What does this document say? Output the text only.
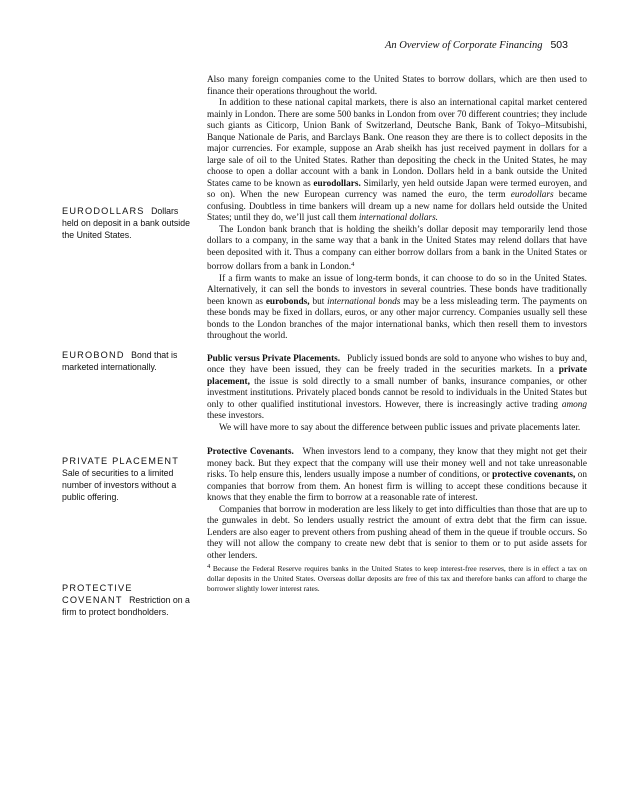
An Overview of Corporate Financing 503
EURODOLLARS Dollars held on deposit in a bank outside the United States.
EUROBOND Bond that is marketed internationally.
PRIVATE PLACEMENT Sale of securities to a limited number of investors without a public offering.
PROTECTIVE COVENANT Restriction on a firm to protect bondholders.

Also many foreign companies come to the United States to borrow dollars, which are then used to finance their operations throughout the world.

In addition to these national capital markets, there is also an international capital market centered mainly in London. There are some 500 banks in London from over 70 different countries; they include such giants as Citicorp, Union Bank of Switzerland, Deutsche Bank, Bank of Tokyo–Mitsubishi, Banque Nationale de Paris, and Barclays Bank. One reason they are there is to collect deposits in the major currencies. For example, suppose an Arab sheikh has just received payment in dollars for a large sale of oil to the United States. Rather than depositing the check in the United States, he may choose to open a dollar account with a bank in London. Dollars held in a bank outside the United States came to be known as eurodollars. Similarly, yen held outside Japan were termed euroyen, and so on). When the new European currency was named the euro, the term eurodollars became confusing. Doubtless in time bankers will dream up a new name for dollars held outside the United States; until they do, we’ll just call them international dollars.

The London bank branch that is holding the sheikh’s dollar deposit may temporarily lend those dollars to a company, in the same way that a bank in the United States may relend dollars that have been deposited with it. Thus a company can either borrow dollars from a bank in the United States or borrow dollars from a bank in London.$^4$

If a firm wants to make an issue of long-term bonds, it can choose to do so in the United States. Alternatively, it can sell the bonds to investors in several countries. These bonds have traditionally been known as eurobonds, but international bonds may be a less misleading term. The payments on these bonds may be fixed in dollars, euros, or any other major currency. Companies usually sell these bonds to the London branches of the major international banks, which then resell them to investors throughout the world.

Public versus Private Placements. Publicly issued bonds are sold to anyone who wishes to buy and, once they have been issued, they can be freely traded in the securities markets. In a private placement, the issue is sold directly to a small number of banks, insurance companies, or other investment institutions. Privately placed bonds cannot be resold to individuals in the United States but only to other qualified institutional investors. However, there is increasingly active trading among these investors.

We will have more to say about the difference between public issues and private placements later.

Protective Covenants. When investors lend to a company, they know that they might not get their money back. But they expect that the company will use their money well and not take unreasonable risks. To help ensure this, lenders usually impose a number of conditions, or protective covenants, on companies that borrow from them. An honest firm is willing to accept these conditions because it knows that they enable the firm to borrow at a reasonable rate of interest.

Companies that borrow in moderation are less likely to get into difficulties than those that are up to the gunwales in debt. So lenders usually restrict the amount of extra debt that the firm can issue. Lenders are also eager to prevent others from pushing ahead of them in the queue if trouble occurs. So they will not allow the company to create new debt that is senior to them or to put aside assets for other lenders.

4 Because the Federal Reserve requires banks in the United States to keep interest-free reserves, there is in effect a tax on dollar deposits in the United States. Overseas dollar deposits are free of this tax and therefore banks can afford to charge the borrower slightly lower interest rates.
